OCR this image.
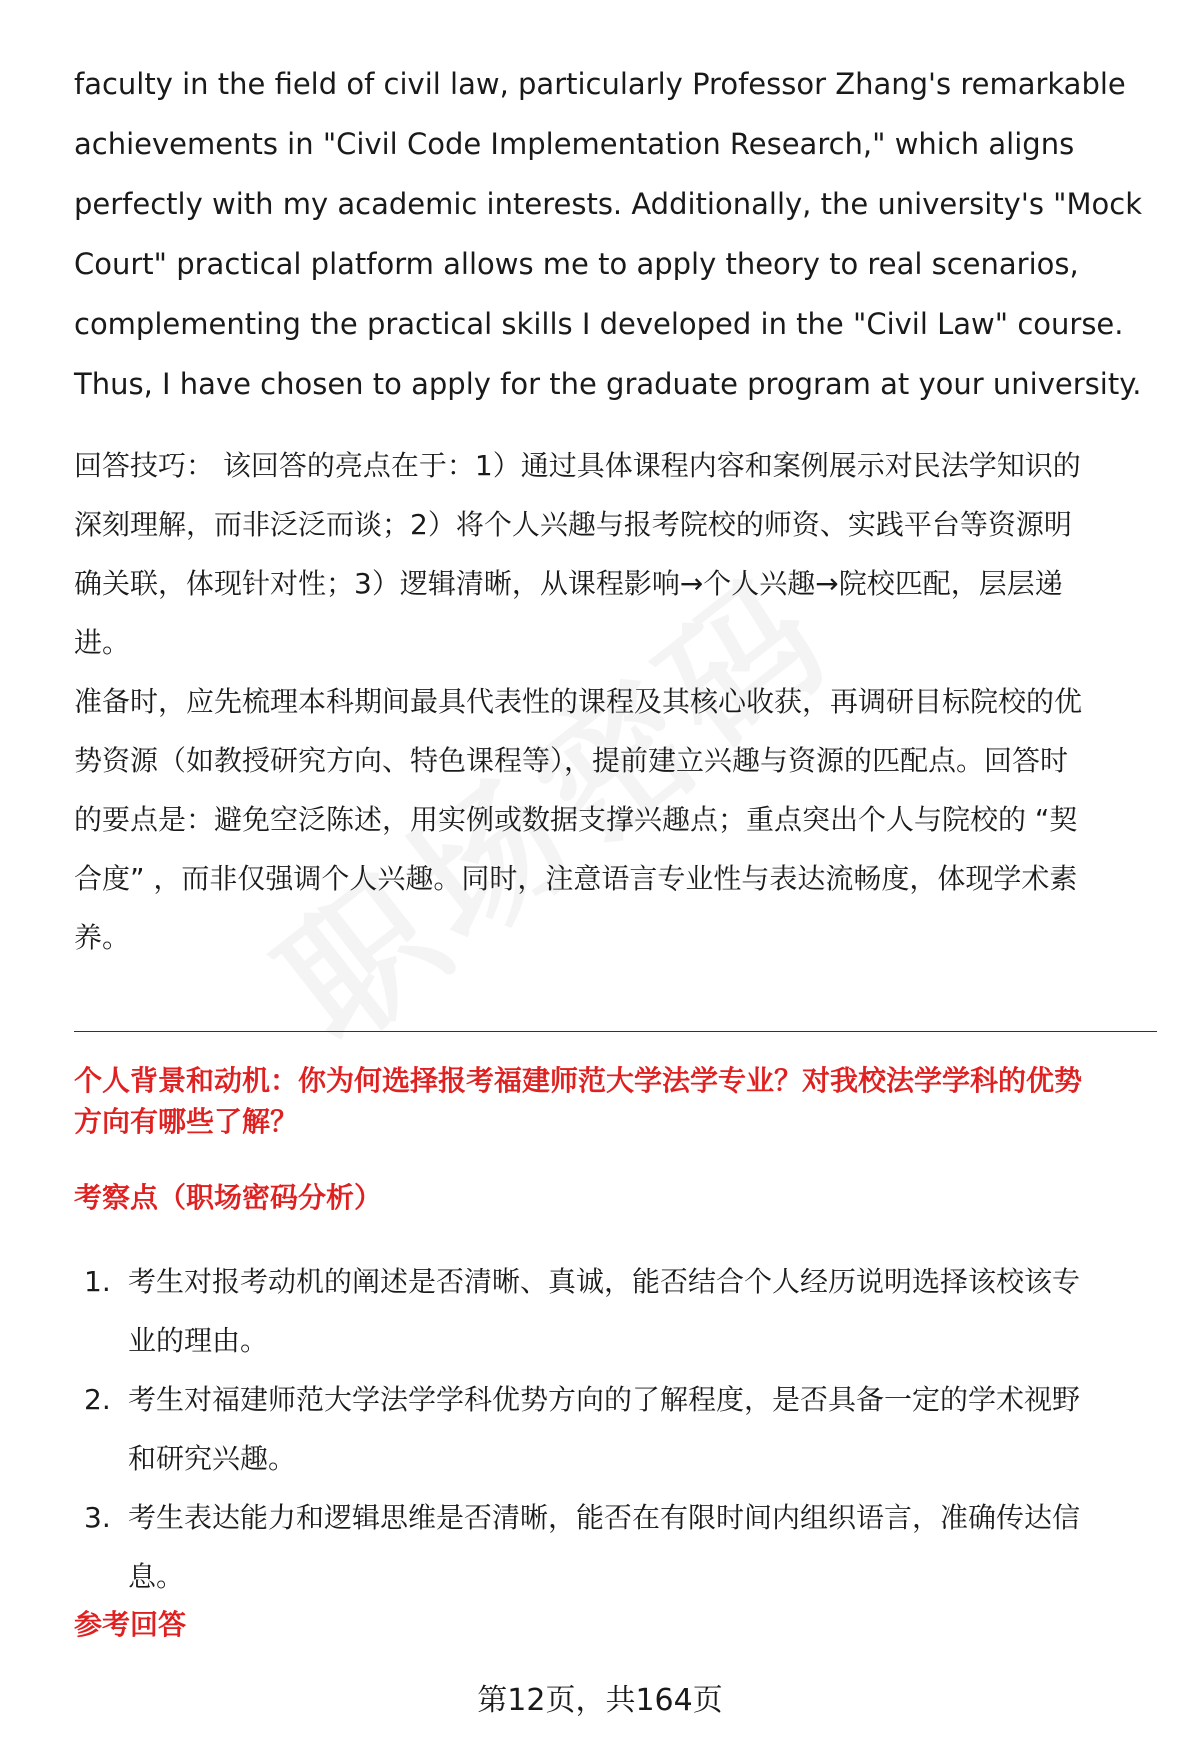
faculty in the field of civil law, particularly Professor Zhang's remarkable
achievements in "Civil Code Implementation Research," which aligns
perfectly with my academic interests. Additionally, the university's "Mock
Court" practical platform allows me to apply theory to real scenarios,
complementing the practical skills I developed in the "Civil Law" course.
Thus, I have chosen to apply for the graduate program at your university.
回答技巧： 该回答的亮点在于：1）通过具体课程内容和案例展示对民法学知识的
深刻理解，而非泛泛而谈；2）将个人兴趣与报考院校的师资、实践平台等资源明
确关联，体现针对性；3）逻辑清晰，从课程影响→个人兴趣→院校匹配，层层递
进。
准备时，应先梳理本科期间最具代表性的课程及其核心收获，再调研目标院校的优
势资源（如教授研究方向、特色课程等），提前建立兴趣与资源的匹配点。回答时
的要点是：避免空泛陈述，用实例或数据支撑兴趣点；重点突出个人与院校的 “契
合度” ，而非仅强调个人兴趣。同时，注意语言专业性与表达流畅度，体现学术素
养。
个人背景和动机：你为何选择报考福建师范大学法学专业？对我校法学学科的优势
方向有哪些了解？
考察点（职场密码分析）
1. 考生对报考动机的阐述是否清晰、真诚，能否结合个人经历说明选择该校该专
业的理由。
2. 考生对福建师范大学法学学科优势方向的了解程度，是否具备一定的学术视野
和研究兴趣。
3. 考生表达能力和逻辑思维是否清晰，能否在有限时间内组织语言，准确传达信
息。
参考回答
第12页，共164页
